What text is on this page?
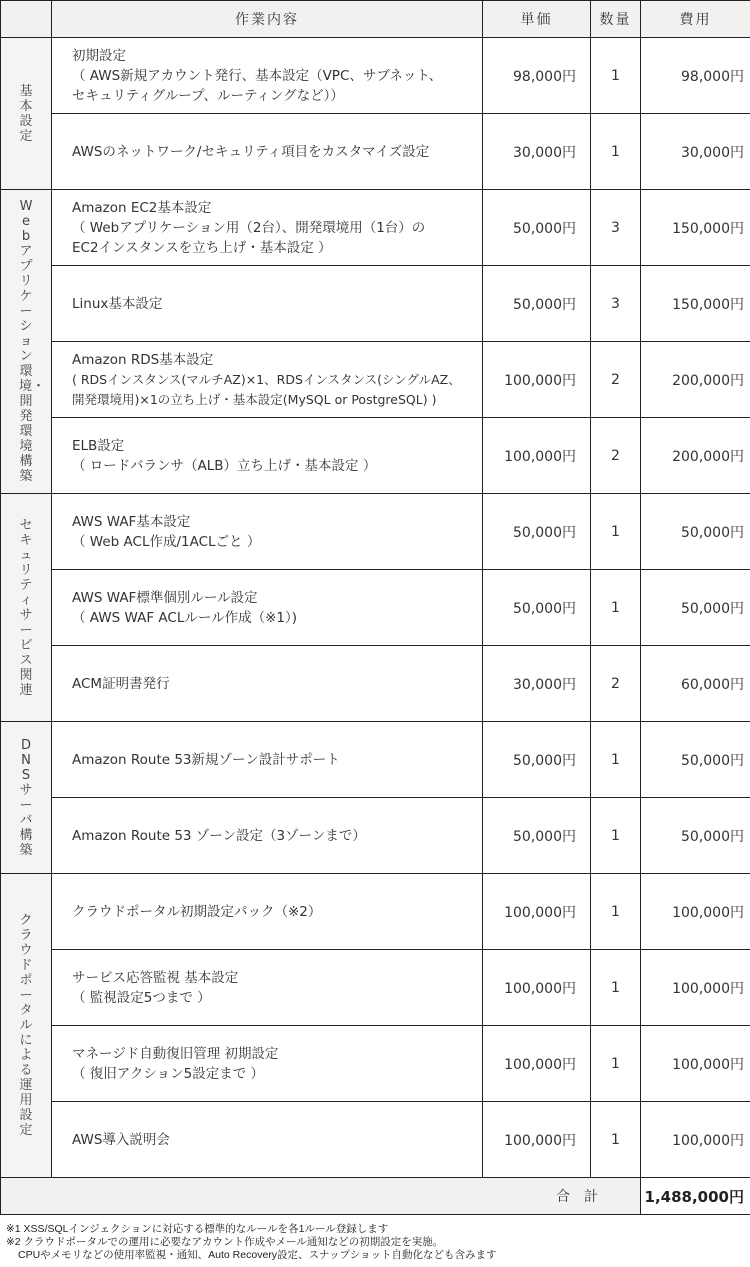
	作業内容	単価	数量	費用
基本設定	初期設定
（ AWS新規アカウント発行、基本設定（VPC、サブネット、
セキュリティグループ、ルーティングなど））	98,000円	1	98,000円

	AWSのネットワーク/セキュリティ項目をカスタマイズ設定	30,000円	1	30,000円
Webアプリケーション環境・開発環境構築	Amazon EC2基本設定
（ Webアプリケーション用（2台）、開発環境用（1台）の
EC2インスタンスを立ち上げ・基本設定 ）	50,000円	3	150,000円

	Linux基本設定	50,000円	3	150,000円

	Amazon RDS基本設定
( RDSインスタンス(マルチAZ)×1、RDSインスタンス(シングルAZ、
開発環境用)×1の立ち上げ・基本設定(MySQL or PostgreSQL) )	100,000円	2	200,000円

	ELB設定
（ ロードバランサ（ALB）立ち上げ・基本設定 ）	100,000円	2	200,000円
セキュリティサービス関連	AWS WAF基本設定
（ Web ACL作成/1ACLごと ）	50,000円	1	50,000円

	AWS WAF標準個別ルール設定
（ AWS WAF ACLルール作成（※1）)	50,000円	1	50,000円

	ACM証明書発行	30,000円	2	60,000円
DNSサーバ構築	Amazon Route 53新規ゾーン設計サポート	50,000円	1	50,000円

	Amazon Route 53 ゾーン設定（3ゾーンまで）	50,000円	1	50,000円
クラウドポータルによる運用設定	クラウドポータル初期設定パック（※2）	100,000円	1	100,000円

	サービス応答監視 基本設定
（ 監視設定5つまで ）	100,000円	1	100,000円

	マネージド自動復旧管理 初期設定
（ 復旧アクション5設定まで ）	100,000円	1	100,000円

	AWS導入説明会	100,000円	1	100,000円
合計				1,488,000円
※1 XSS/SQLインジェクションに対応する標準的なルールを各1ルール登録します
※2 クラウドポータルでの運用に必要なアカウント作成やメール通知などの初期設定を実施。
CPUやメモリなどの使用率監視・通知、Auto Recovery設定、スナップショット自動化なども含みます
